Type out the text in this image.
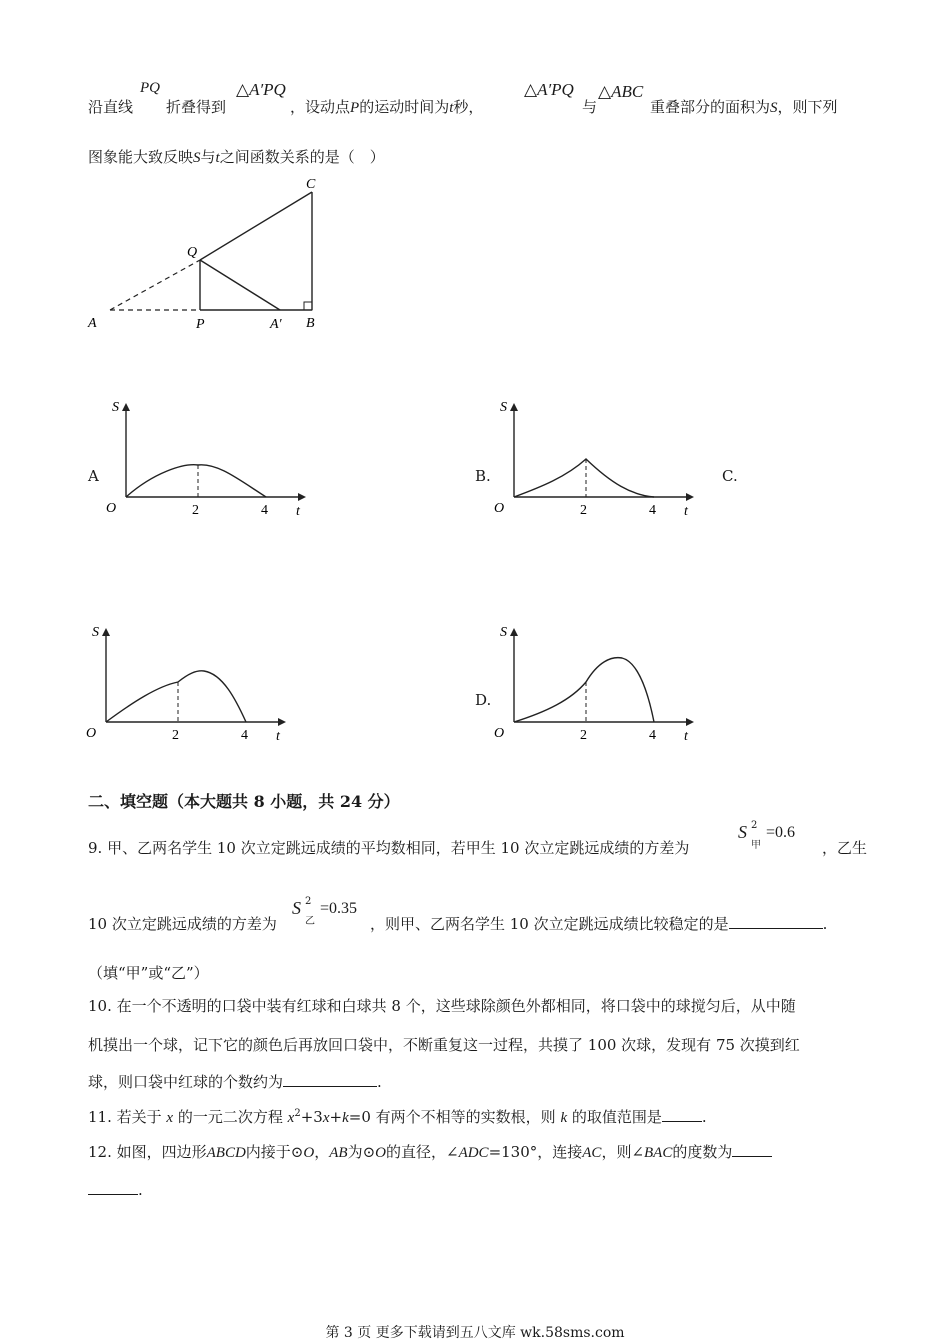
沿直线
PQ
折叠得到
△A′PQ
，设动点P的运动时间为t秒，
△A′PQ
与
△ABC
重叠部分的面积为S，则下列
图象能大致反映S与t之间函数关系的是（　）
A	P	A′ B
Q
C
A	B.	C.
D.
S
O	2	4 t
S
O	2	4 t
S
O	2	4 t
S
O	2	4 t
二、填空题（本大题共 8 小题，共 24 分）
9. 甲、乙两名学生 10 次立定跳远成绩的平均数相同，若甲生 10 次立定跳远成绩的方差为
S 2
甲
=0.6
，乙生
10 次立定跳远成绩的方差为
S 2
乙
=0.35
，则甲、乙两名学生 10 次立定跳远成绩比较稳定的是	.
（填“甲”或“乙”）
10. 在一个不透明的口袋中装有红球和白球共 8 个，这些球除颜色外都相同，将口袋中的球搅匀后，从中随
机摸出一个球，记下它的颜色后再放回口袋中，不断重复这一过程，共摸了 100 次球，发现有 75 次摸到红
球，则口袋中红球的个数约为	.
11. 若关于 x 的一元二次方程 $x^2+3x+k=0$ 有两个不相等的实数根，则 k 的取值范围是	.
12. 如图，四边形ABCD内接于⊙O，AB为⊙O的直径，∠ADC=130°，连接AC，则∠BAC的度数为
.
第 3 页 更多下载请到五八文库 wk.58sms.com
